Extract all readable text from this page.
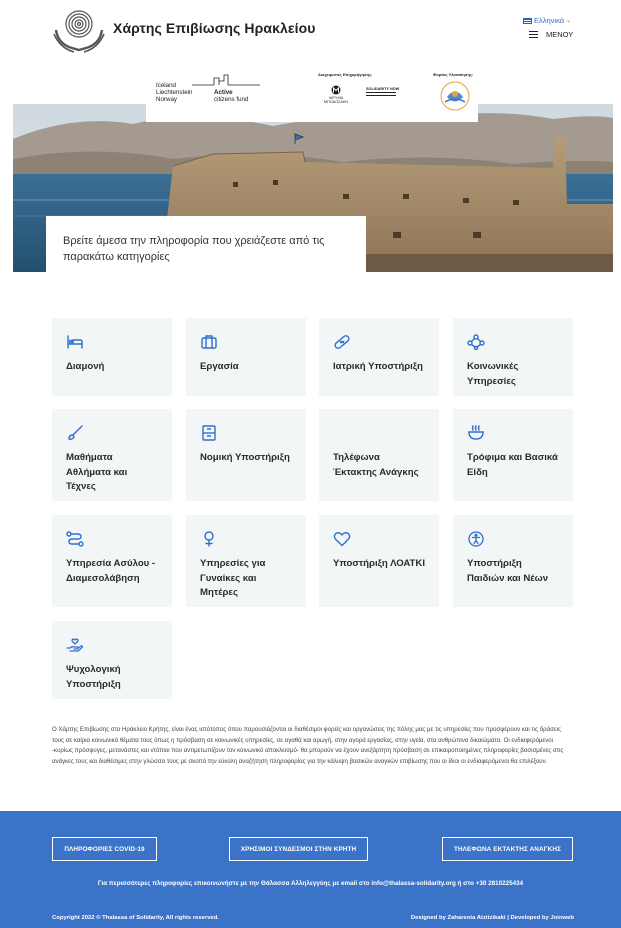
Χάρτης Επιβίωσης Ηρακλείου	Ελληνικά ⌄
ΜΕΝΟΥ
Iceland
Liechtenstein
Norway
Active
citizens fund
Διαχειριστές Επιχορήγησης:
ΙΔΡΥΜΑ ΜΠΟΔΟΣΑΚΗ
SOLIDARITY NOW
Φορέας Υλοποίησης:
Βρείτε άμεσα την πληροφορία που χρειάζεστε από τις παρακάτω κατηγορίες
Διαμονή	Εργασία	Ιατρική Υποστήριξη	Κοινωνικές Υπηρεσίες
Μαθήματα Αθλήματα και Τέχνες
Νομική Υποστήριξη	Τηλέφωνα Έκτακτης Ανάγκης
Τρόφιμα και Βασικά Είδη
Υπηρεσία Ασύλου - Διαμεσολάβηση
Υπηρεσίες για Γυναίκες και Μητέρες
Υποστήριξη ΛΟΑΤΚΙ	Υποστήριξη Παιδιών και Νέων
Ψυχολογική Υποστήριξη
Ο Χάρτης Επιβίωσης στο Ηράκλειο Κρήτης, είναι ένας ιστότοπος όπου παρουσιάζονται οι διαθέσιμοι φορείς και οργανώσεις της πόλης μας με τις υπηρεσίες που προσφέρουν και τις δράσεις τους σε καίρια κοινωνικά θέματα τους όπως η πρόσβαση σε κοινωνικές υπηρεσίες, σε αγαθά και αρωγή, στην αγορά εργασίας, στην υγεία, στα ανθρώπινα δικαιώματα. Οι ενδιαφερόμενοι -κυρίως πρόσφυγες, μετανάστες και ντόπιοι που αντιμετωπίζουν τον κοινωνικό αποκλεισμό- θα μπορούν να έχουν ανεξάρτητη πρόσβαση σε επικαιροποιημένες πληροφορίες βασισμένες στις ανάγκες τους και διαθέσιμες στην γλώσσα τους με σκοπό την εύκολη αναζήτηση πληροφορίας για την κάλυψη βασικών αναγκών επιβίωσης που οι ίδιοι οι ενδιαφερόμενοι θα επιλέξουν.
ΠΛΗΡΟΦΟΡΙΕΣ COVID-19	ΧΡΗΣΙΜΟΙ ΣΥΝΔΕΣΜΟΙ ΣΤΗΝ ΚΡΗΤΗ	ΤΗΛΕΦΩΝΑ ΕΚΤΑΚΤΗΣ ΑΝΑΓΚΗΣ
Για περισσότερες πληροφορίες επικοινωνήστε με την Θάλασσα Αλληλεγγύης με email στο info@thalassa-solidarity.org ή στο +30 2810225434
Copyright 2022 © Thalassa of Solidarity, All rights reserved.	Designed by Zaharenia Atzitzikaki | Developed by Joinweb
